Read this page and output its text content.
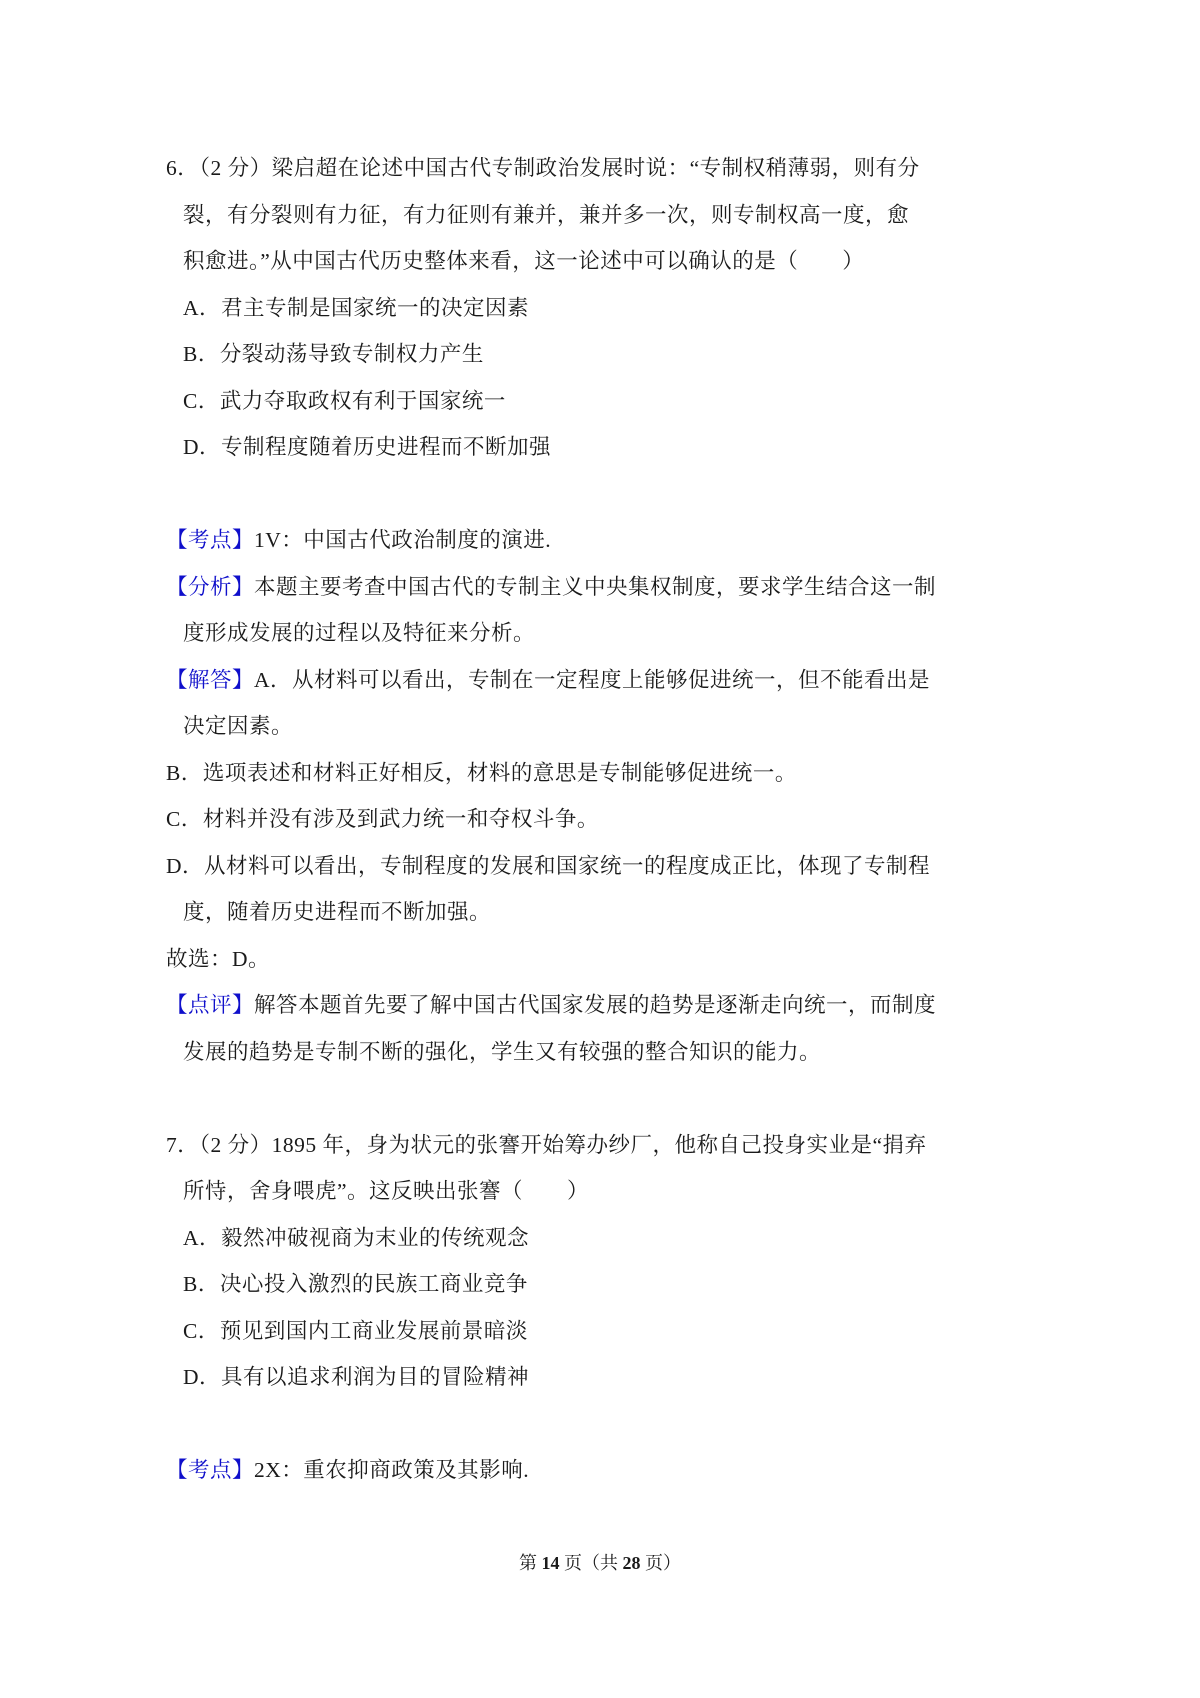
6．（2 分）梁启超在论述中国古代专制政治发展时说：“专制权稍薄弱，则有分
裂，有分裂则有力征，有力征则有兼并，兼并多一次，则专制权高一度，愈
积愈进。”从中国古代历史整体来看，这一论述中可以确认的是（　　）
A．君主专制是国家统一的决定因素
B．分裂动荡导致专制权力产生
C．武力夺取政权有利于国家统一
D．专制程度随着历史进程而不断加强
【考点】1V：中国古代政治制度的演进.
【分析】本题主要考查中国古代的专制主义中央集权制度，要求学生结合这一制
度形成发展的过程以及特征来分析。
【解答】A．从材料可以看出，专制在一定程度上能够促进统一，但不能看出是
决定因素。
B．选项表述和材料正好相反，材料的意思是专制能够促进统一。
C．材料并没有涉及到武力统一和夺权斗争。
D．从材料可以看出，专制程度的发展和国家统一的程度成正比，体现了专制程
度，随着历史进程而不断加强。
故选：D。
【点评】解答本题首先要了解中国古代国家发展的趋势是逐渐走向统一，而制度
发展的趋势是专制不断的强化，学生又有较强的整合知识的能力。
7．（2 分）1895 年，身为状元的张謇开始筹办纱厂，他称自己投身实业是“捐弃
所恃，舍身喂虎”。这反映出张謇（　　）
A．毅然冲破视商为末业的传统观念
B．决心投入激烈的民族工商业竞争
C．预见到国内工商业发展前景暗淡
D．具有以追求利润为目的冒险精神
【考点】2X：重农抑商政策及其影响.
第 14 页（共 28 页）
